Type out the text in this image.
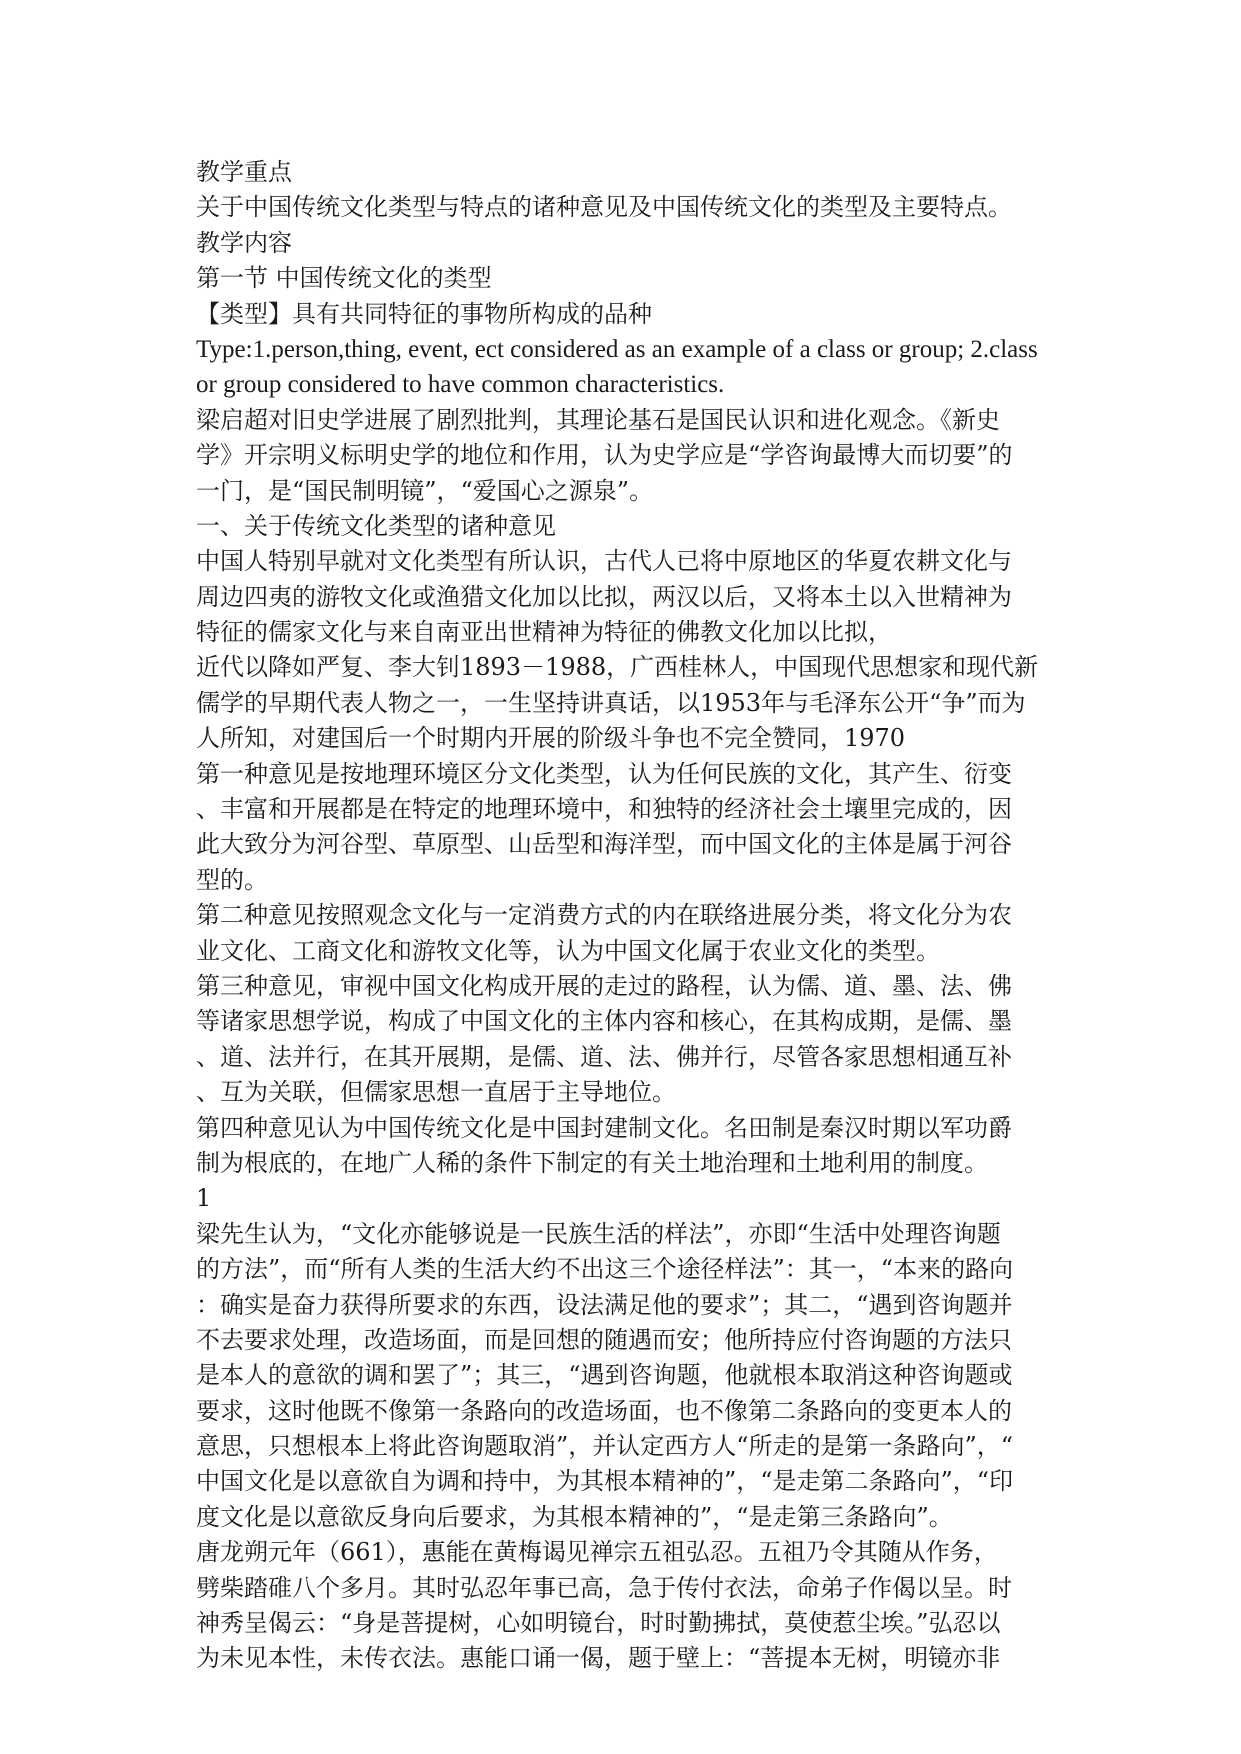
教学重点
关于中国传统文化类型与特点的诸种意见及中国传统文化的类型及主要特点。
教学内容
第一节 中国传统文化的类型
【类型】具有共同特征的事物所构成的品种
Type:1.person,thing, event, ect considered as an example of a class or group; 2.class
or group considered to have common characteristics.
梁启超对旧史学进展了剧烈批判，其理论基石是国民认识和进化观念。《新史
学》开宗明义标明史学的地位和作用，认为史学应是“学咨询最博大而切要”的
一门，是“国民制明镜”，“爱国心之源泉”。
一、关于传统文化类型的诸种意见
中国人特别早就对文化类型有所认识，古代人已将中原地区的华夏农耕文化与
周边四夷的游牧文化或渔猎文化加以比拟，两汉以后，又将本土以入世精神为
特征的儒家文化与来自南亚出世精神为特征的佛教文化加以比拟，
近代以降如严复、李大钊1893－1988，广西桂林人，中国现代思想家和现代新
儒学的早期代表人物之一，一生坚持讲真话，以1953年与毛泽东公开“争”而为
人所知，对建国后一个时期内开展的阶级斗争也不完全赞同，1970
第一种意见是按地理环境区分文化类型，认为任何民族的文化，其产生、衍变
、丰富和开展都是在特定的地理环境中，和独特的经济社会土壤里完成的，因
此大致分为河谷型、草原型、山岳型和海洋型，而中国文化的主体是属于河谷
型的。
第二种意见按照观念文化与一定消费方式的内在联络进展分类，将文化分为农
业文化、工商文化和游牧文化等，认为中国文化属于农业文化的类型。
第三种意见，审视中国文化构成开展的走过的路程，认为儒、道、墨、法、佛
等诸家思想学说，构成了中国文化的主体内容和核心，在其构成期，是儒、墨
、道、法并行，在其开展期，是儒、道、法、佛并行，尽管各家思想相通互补
、互为关联，但儒家思想一直居于主导地位。
第四种意见认为中国传统文化是中国封建制文化。名田制是秦汉时期以军功爵
制为根底的，在地广人稀的条件下制定的有关土地治理和土地利用的制度。
1
梁先生认为，“文化亦能够说是一民族生活的样法”，亦即“生活中处理咨询题
的方法”，而“所有人类的生活大约不出这三个途径样法”：其一，“本来的路向
：确实是奋力获得所要求的东西，设法满足他的要求”；其二，“遇到咨询题并
不去要求处理，改造场面，而是回想的随遇而安；他所持应付咨询题的方法只
是本人的意欲的调和罢了”；其三，“遇到咨询题，他就根本取消这种咨询题或
要求，这时他既不像第一条路向的改造场面，也不像第二条路向的变更本人的
意思，只想根本上将此咨询题取消”，并认定西方人“所走的是第一条路向”，“
中国文化是以意欲自为调和持中，为其根本精神的”，“是走第二条路向”，“印
度文化是以意欲反身向后要求，为其根本精神的”，“是走第三条路向”。
唐龙朔元年（661），惠能在黄梅谒见禅宗五祖弘忍。五祖乃令其随从作务，
劈柴踏碓八个多月。其时弘忍年事已高，急于传付衣法，命弟子作偈以呈。时
神秀呈偈云：“身是菩提树，心如明镜台，时时勤拂拭，莫使惹尘埃。”弘忍以
为未见本性，未传衣法。惠能口诵一偈，题于壁上：“菩提本无树，明镜亦非
